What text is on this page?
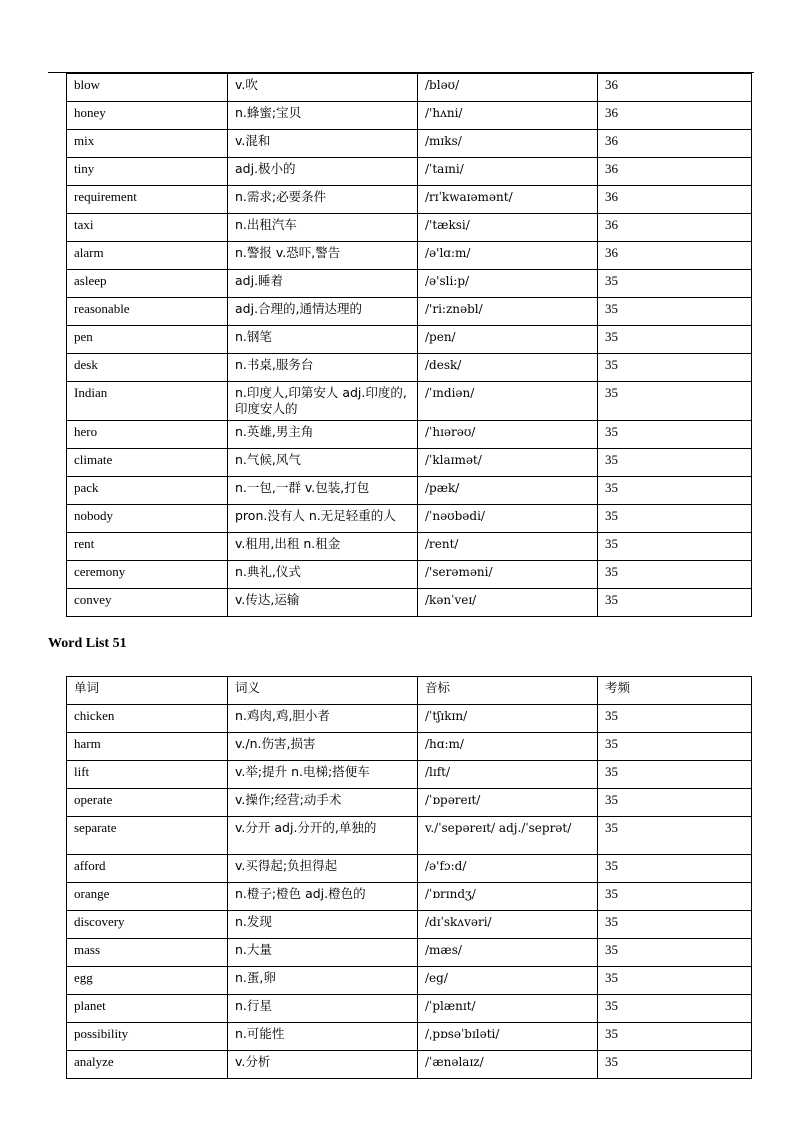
blow	v.吹	/bləʊ/	36
honey	n.蜂蜜;宝贝	/'hʌni/	36
mix	v.混和	/mɪks/	36
tiny	adj.极小的	/ˈtaɪni/	36
requirement	n.需求;必要条件	/rɪˈkwaɪəmənt/	36
taxi	n.出租汽车	/'tæksi/	36
alarm	n.警报 v.恐吓,警告	/ə'lɑ:m/	36
asleep	adj.睡着	/ə'sli:p/	35
reasonable	adj.合理的,通情达理的	/'ri:znəbl/	35
pen	n.钢笔	/pen/	35
desk	n.书桌,服务台	/desk/	35
Indian	n.印度人,印第安人 adj.印度的,印度安人的	/ˈɪndiən/	35
hero	n.英雄,男主角	/ˈhɪərəʊ/	35
climate	n.气候,风气	/ˈklaɪmət/	35
pack	n.一包,一群 v.包装,打包	/pæk/	35
nobody	pron.没有人 n.无足轻重的人	/ˈnəʊbədi/	35
rent	v.租用,出租 n.租金	/rent/	35
ceremony	n.典礼,仪式	/'serəməni/	35
convey	v.传达,运输	/kənˈveɪ/	35
Word List 51
单词	词义	音标	考频
chicken	n.鸡肉,鸡,胆小者	/ˈtʃɪkɪn/	35
harm	v./n.伤害,损害	/hɑ:m/	35
lift	v.举;提升 n.电梯;搭便车	/lɪft/	35
operate	v.操作;经营;动手术	/ˈɒpəreɪt/	35
separate	v.分开 adj.分开的,单独的	v./ˈsepəreɪt/ adj./ˈseprət/	35
afford	v.买得起;负担得起	/ə'fɔ:d/	35
orange	n.橙子;橙色 adj.橙色的	/ˈɒrɪndʒ/	35
discovery	n.发现	/dɪˈskʌvəri/	35
mass	n.大量	/mæs/	35
egg	n.蛋,卵	/eg/	35
planet	n.行星	/ˈplænɪt/	35
possibility	n.可能性	/ˌpɒsəˈbɪləti/	35
analyze	v.分析	/ˈænəlaɪz/	35
